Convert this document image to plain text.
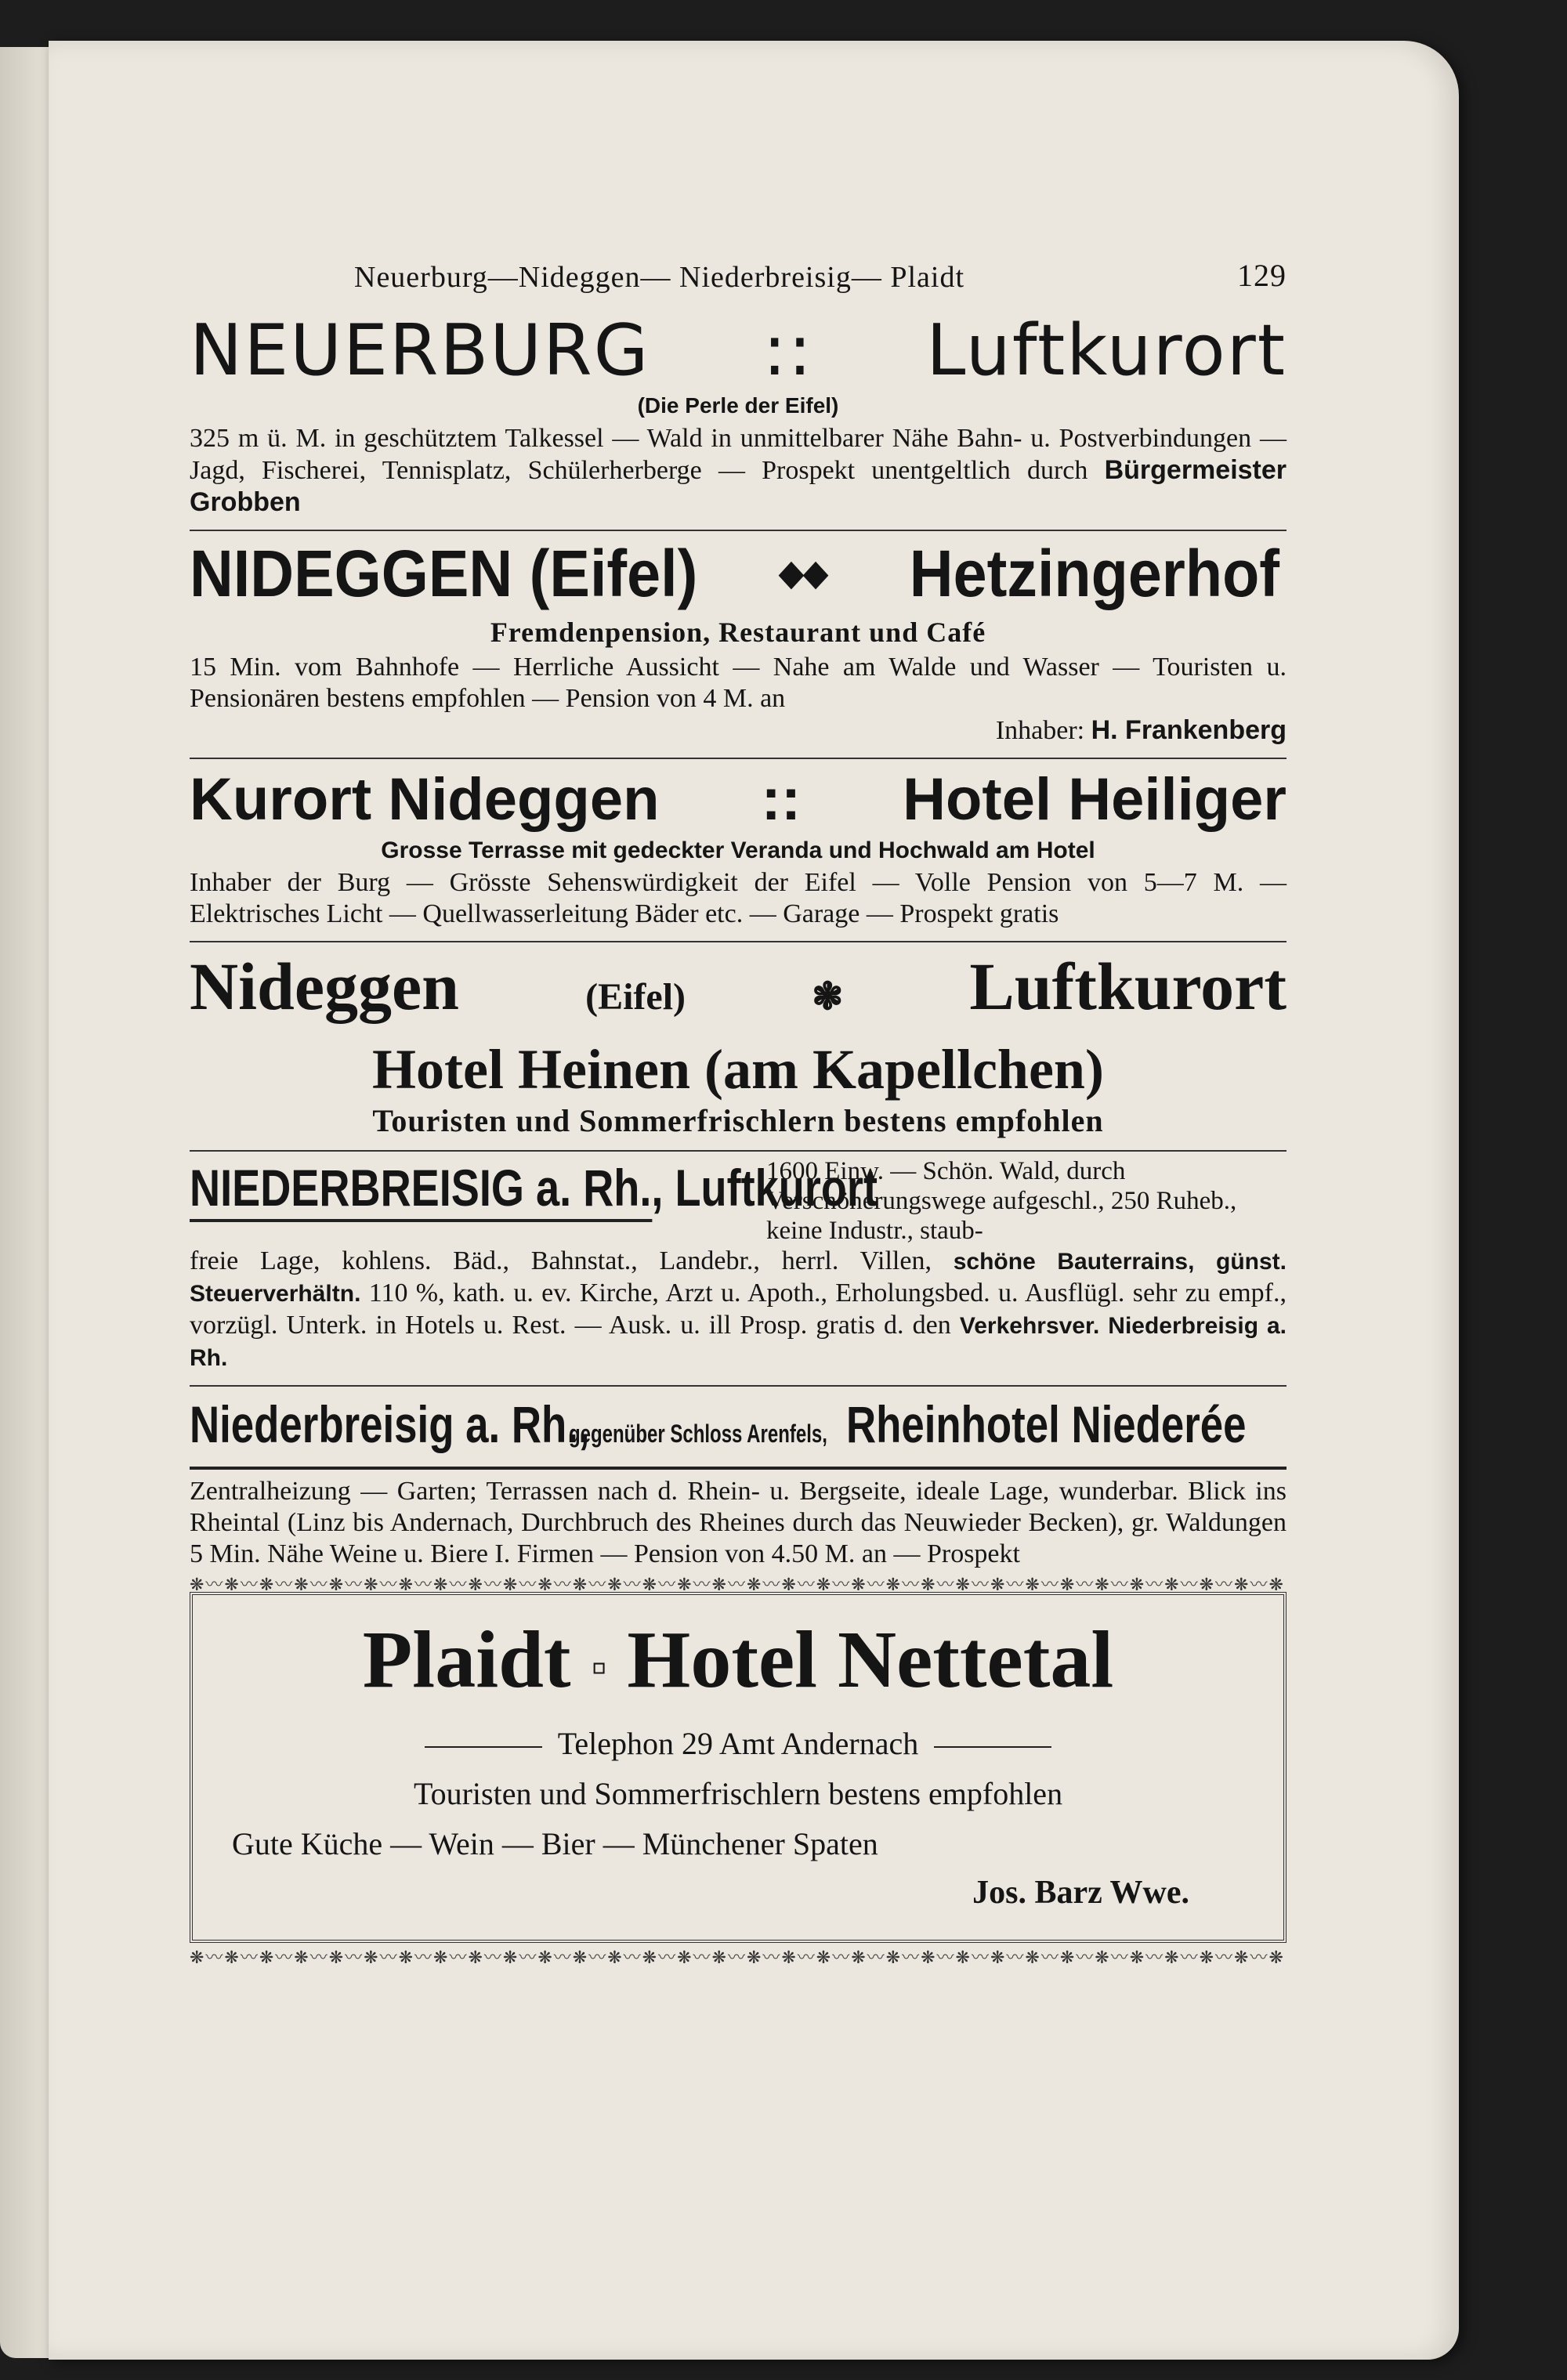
Neuerburg—Nideggen— Niederbreisig— Plaidt	129
NEUERBURG :: Luftkurort
(Die Perle der Eifel)
325 m ü. M. in geschütztem Talkessel — Wald in unmittelbarer Nähe Bahn- u. Postverbindungen — Jagd, Fischerei, Tennisplatz, Schülerherberge — Prospekt unentgeltlich durch Bürgermeister Grobben
NIDEGGEN (Eifel) ◆◆ Hetzingerhof
Fremdenpension, Restaurant und Café
15 Min. vom Bahnhofe — Herrliche Aussicht — Nahe am Walde und Wasser — Touristen u. Pensionären bestens empfohlen — Pension von 4 M. an
Inhaber: H. Frankenberg
Kurort Nideggen :: Hotel Heiliger
Grosse Terrasse mit gedeckter Veranda und Hochwald am Hotel
Inhaber der Burg — Grösste Sehenswürdigkeit der Eifel — Volle Pension von 5—7 M. — Elektrisches Licht — Quellwasserleitung Bäder etc. — Garage — Prospekt gratis
Nideggen	(Eifel)	❃ Luftkurort
Hotel Heinen (am Kapellchen)
Touristen und Sommerfrischlern bestens empfohlen
NIEDERBREISIG a. Rh., Luftkurort
1600 Einw. — Schön. Wald, durch Verschönerungswege aufgeschl., 250 Ruheb., keine Industr., staub-
freie Lage, kohlens. Bäd., Bahnstat., Landebr., herrl. Villen, schöne Bauterrains, günst. Steuerverhältn. 110 %, kath. u. ev. Kirche, Arzt u. Apoth., Erholungsbed. u. Ausflügl. sehr zu empf., vorzügl. Unterk. in Hotels u. Rest. — Ausk. u. ill Prosp. gratis d. den Verkehrsver. Niederbreisig a. Rh.
Niederbreisig a. Rh.,
gegenüber Schloss Arenfels, Rheinhotel Niederée
Zentralheizung — Garten; Terrassen nach d. Rhein- u. Bergseite, ideale Lage, wunderbar. Blick ins Rheintal (Linz bis Andernach, Durchbruch des Rheines durch das Neuwieder Becken), gr. Waldungen 5 Min. Nähe Weine u. Biere I. Firmen — Pension von 4.50 M. an — Prospekt
❋〰❋〰❋〰❋〰❋〰❋〰❋〰❋〰❋〰❋〰❋〰❋〰❋〰❋〰❋〰❋〰❋〰❋〰❋〰❋〰❋〰❋〰❋〰❋〰❋〰❋〰❋〰❋〰❋〰❋〰❋〰❋
Plaidt ▫ Hotel Nettetal
Telephon 29 Amt Andernach
Touristen und Sommerfrischlern bestens empfohlen
Gute Küche — Wein — Bier — Münchener Spaten
Jos. Barz Wwe.
❋〰❋〰❋〰❋〰❋〰❋〰❋〰❋〰❋〰❋〰❋〰❋〰❋〰❋〰❋〰❋〰❋〰❋〰❋〰❋〰❋〰❋〰❋〰❋〰❋〰❋〰❋〰❋〰❋〰❋〰❋〰❋
